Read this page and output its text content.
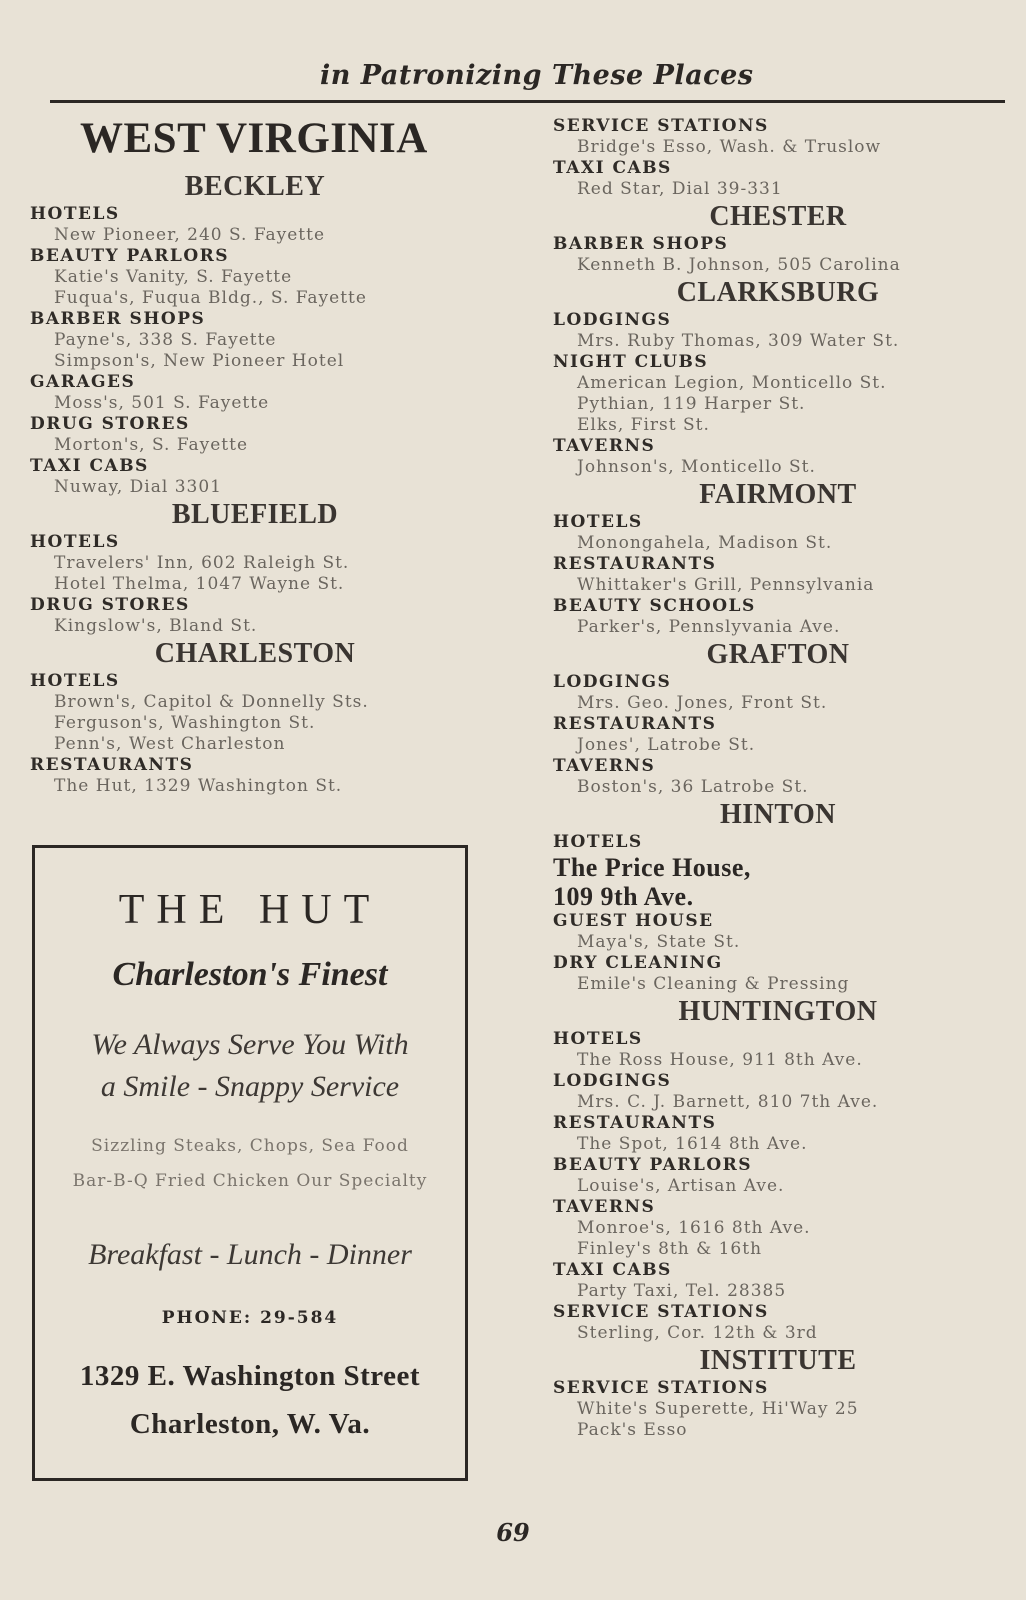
in Patronizing These Places
WEST VIRGINIA
BECKLEY
HOTELS
New Pioneer, 240 S. Fayette
BEAUTY PARLORS
Katie's Vanity, S. Fayette
Fuqua's, Fuqua Bldg., S. Fayette
BARBER SHOPS
Payne's, 338 S. Fayette
Simpson's, New Pioneer Hotel
GARAGES
Moss's, 501 S. Fayette
DRUG STORES
Morton's, S. Fayette
TAXI CABS
Nuway, Dial 3301
BLUEFIELD
HOTELS
Travelers' Inn, 602 Raleigh St.
Hotel Thelma, 1047 Wayne St.
DRUG STORES
Kingslow's, Bland St.
CHARLESTON
HOTELS
Brown's, Capitol & Donnelly Sts.
Ferguson's, Washington St.
Penn's, West Charleston
RESTAURANTS
The Hut, 1329 Washington St.
SERVICE STATIONS
Bridge's Esso, Wash. & Truslow
TAXI CABS
Red Star, Dial 39-331
CHESTER
BARBER SHOPS
Kenneth B. Johnson, 505 Carolina
CLARKSBURG
LODGINGS
Mrs. Ruby Thomas, 309 Water St.
NIGHT CLUBS
American Legion, Monticello St.
Pythian, 119 Harper St.
Elks, First St.
TAVERNS
Johnson's, Monticello St.
FAIRMONT
HOTELS
Monongahela, Madison St.
RESTAURANTS
Whittaker's Grill, Pennsylvania
BEAUTY SCHOOLS
Parker's, Pennslyvania Ave.
GRAFTON
LODGINGS
Mrs. Geo. Jones, Front St.
RESTAURANTS
Jones', Latrobe St.
TAVERNS
Boston's, 36 Latrobe St.
HINTON
HOTELS
The Price House,
109 9th Ave.
GUEST HOUSE
Maya's, State St.
DRY CLEANING
Emile's Cleaning & Pressing
HUNTINGTON
HOTELS
The Ross House, 911 8th Ave.
LODGINGS
Mrs. C. J. Barnett, 810 7th Ave.
RESTAURANTS
The Spot, 1614 8th Ave.
BEAUTY PARLORS
Louise's, Artisan Ave.
TAVERNS
Monroe's, 1616 8th Ave.
Finley's 8th & 16th
TAXI CABS
Party Taxi, Tel. 28385
SERVICE STATIONS
Sterling, Cor. 12th & 3rd
INSTITUTE
SERVICE STATIONS
White's Superette, Hi'Way 25
Pack's Esso
THE HUT
Charleston's Finest
We Always Serve You With
a Smile - Snappy Service
Sizzling Steaks, Chops, Sea Food
Bar-B-Q Fried Chicken Our Specialty
Breakfast - Lunch - Dinner
PHONE: 29-584
1329 E. Washington Street
Charleston, W. Va.
69
